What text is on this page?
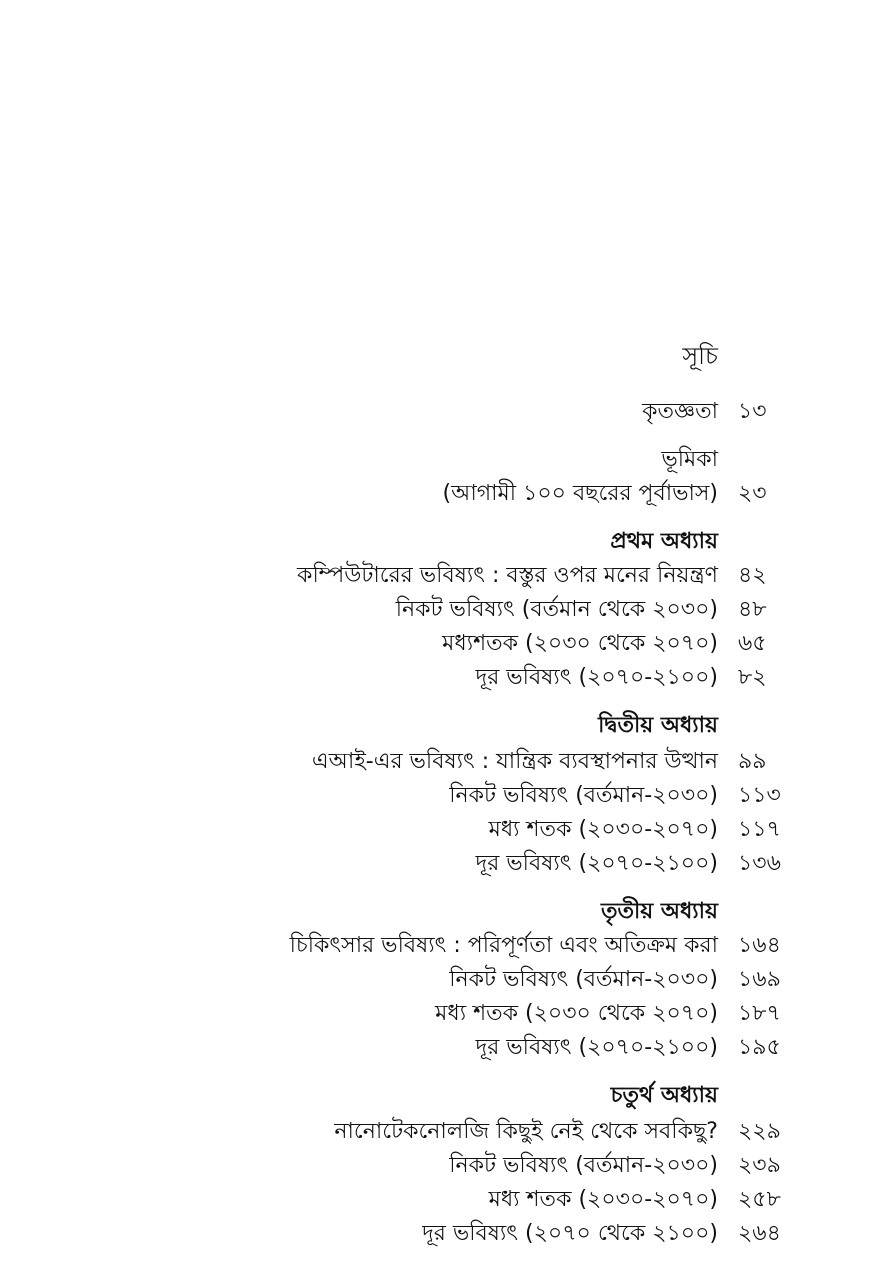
সূচি
কৃতজ্ঞতা ১৩
ভূমিকা
(আগামী ১০০ বছরের পূর্বাভাস) ২৩
প্রথম অধ্যায়
কম্পিউটারের ভবিষ্যৎ : বস্তুর ওপর মনের নিয়ন্ত্রণ ৪২
নিকট ভবিষ্যৎ (বর্তমান থেকে ২০৩০) ৪৮
মধ্যশতক (২০৩০ থেকে ২০৭০) ৬৫
দূর ভবিষ্যৎ (২০৭০-২১০০) ৮২
দ্বিতীয় অধ্যায়
এআই-এর ভবিষ্যৎ : যান্ত্রিক ব্যবস্থাপনার উত্থান ৯৯
নিকট ভবিষ্যৎ (বর্তমান-২০৩০) ১১৩
মধ্য শতক (২০৩০-২০৭০) ১১৭
দূর ভবিষ্যৎ (২০৭০-২১০০) ১৩৬
তৃতীয় অধ্যায়
চিকিৎসার ভবিষ্যৎ : পরিপূর্ণতা এবং অতিক্রম করা ১৬৪
নিকট ভবিষ্যৎ (বর্তমান-২০৩০) ১৬৯
মধ্য শতক (২০৩০ থেকে ২০৭০) ১৮৭
দূর ভবিষ্যৎ (২০৭০-২১০০) ১৯৫
চতুর্থ অধ্যায়
নানোটেকনোলজি কিছুই নেই থেকে সবকিছু? ২২৯
নিকট ভবিষ্যৎ (বর্তমান-২০৩০) ২৩৯
মধ্য শতক (২০৩০-২০৭০) ২৫৮
দূর ভবিষ্যৎ (২০৭০ থেকে ২১০০) ২৬৪
